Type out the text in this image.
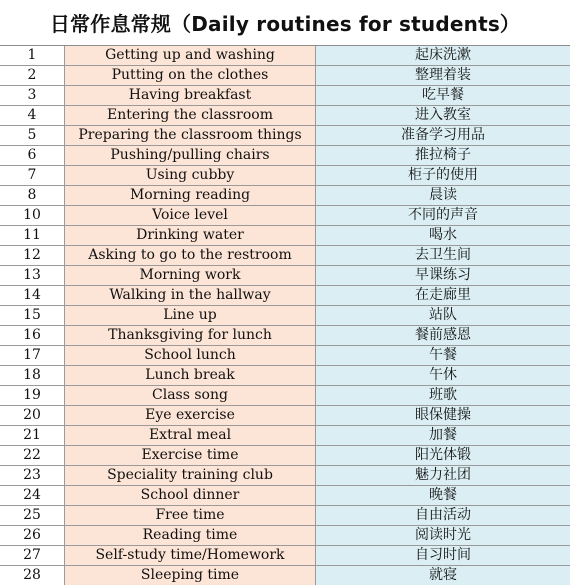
日常作息常规（Daily routines for students）
1	Getting up and washing	起床洗漱
2	Putting on the clothes	整理着装
3	Having breakfast	吃早餐
4	Entering the classroom	进入教室
5	Preparing the classroom things	准备学习用品
6	Pushing/pulling chairs	推拉椅子
7	Using cubby	柜子的使用
8	Morning reading	晨读
10	Voice level	不同的声音
11	Drinking water	喝水
12	Asking to go to the restroom	去卫生间
13	Morning work	早课练习
14	Walking in the hallway	在走廊里
15	Line up	站队
16	Thanksgiving for lunch	餐前感恩
17	School lunch	午餐
18	Lunch break	午休
19	Class song	班歌
20	Eye exercise	眼保健操
21	Extral meal	加餐
22	Exercise time	阳光体锻
23	Speciality training club	魅力社团
24	School dinner	晚餐
25	Free time	自由活动
26	Reading time	阅读时光
27	Self-study time/Homework	自习时间
28	Sleeping time	就寝
